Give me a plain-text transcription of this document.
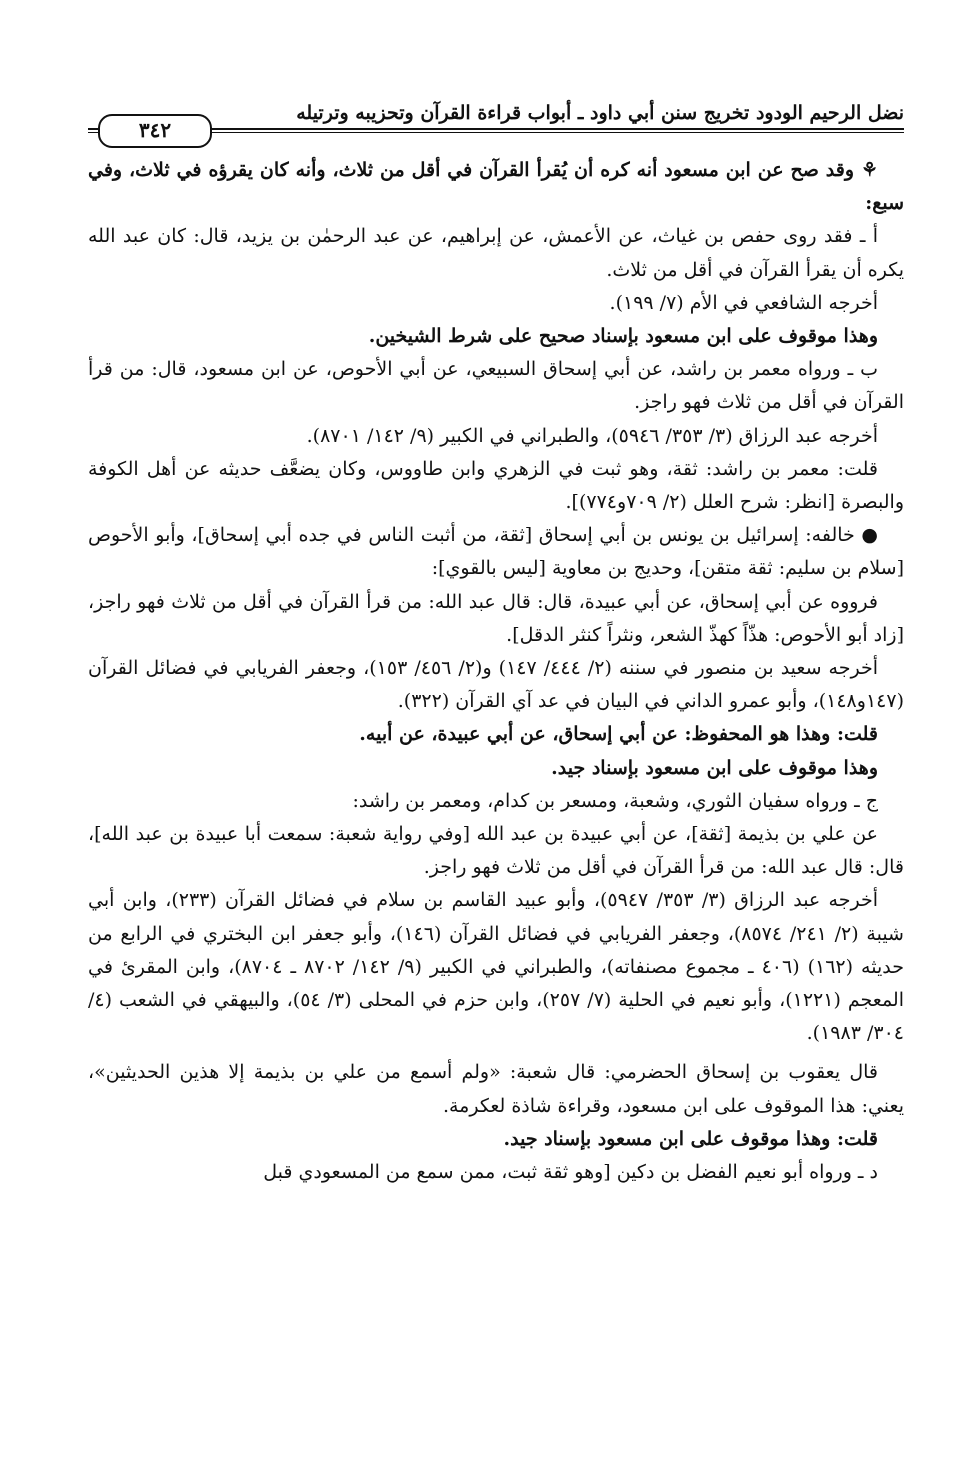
نضل الرحيم الودود تخريج سنن أبي داود ـ أبواب قراءة القرآن وتحزيبه وترتيله
٣٤٢

⚘ وقد صح عن ابن مسعود أنه كره أن يُقرأ القرآن في أقل من ثلاث، وأنه كان يقرؤه في ثلاث، وفي سبع:

أ ـ فقد روى حفص بن غياث، عن الأعمش، عن إبراهيم، عن عبد الرحمٰن بن يزيد، قال: كان عبد الله يكره أن يقرأ القرآن في أقل من ثلاث.

أخرجه الشافعي في الأم (٧/ ١٩٩).

وهذا موقوف على ابن مسعود بإسناد صحيح على شرط الشيخين.

ب ـ ورواه معمر بن راشد، عن أبي إسحاق السبيعي، عن أبي الأحوص، عن ابن مسعود، قال: من قرأ القرآن في أقل من ثلاث فهو راجز.

أخرجه عبد الرزاق (٣/ ٣٥٣/ ٥٩٤٦)، والطبراني في الكبير (٩/ ١٤٢/ ٨٧٠١).

قلت: معمر بن راشد: ثقة، وهو ثبت في الزهري وابن طاووس، وكان يضعَّف حديثه عن أهل الكوفة والبصرة [انظر: شرح العلل (٢/ ٧٠٩و٧٧٤)].

● خالفه: إسرائيل بن يونس بن أبي إسحاق [ثقة، من أثبت الناس في جده أبي إسحاق]، وأبو الأحوص [سلام بن سليم: ثقة متقن]، وحديج بن معاوية [ليس بالقوي]:

فرووه عن أبي إسحاق، عن أبي عبيدة، قال: قال عبد الله: من قرأ القرآن في أقل من ثلاث فهو راجز، [زاد أبو الأحوص: هذّاً كهذّ الشعر، ونثراً كنثر الدقل].

أخرجه سعيد بن منصور في سننه (٢/ ٤٤٤/ ١٤٧) و(٢/ ٤٥٦/ ١٥٣)، وجعفر الفريابي في فضائل القرآن (١٤٧و١٤٨)، وأبو عمرو الداني في البيان في عد آي القرآن (٣٢٢).

قلت: وهذا هو المحفوظ: عن أبي إسحاق، عن أبي عبيدة، عن أبيه.

وهذا موقوف على ابن مسعود بإسناد جيد.

ج ـ ورواه سفيان الثوري، وشعبة، ومسعر بن كدام، ومعمر بن راشد:

عن علي بن بذيمة [ثقة]، عن أبي عبيدة بن عبد الله [وفي رواية شعبة: سمعت أبا عبيدة بن عبد الله]، قال: قال عبد الله: من قرأ القرآن في أقل من ثلاث فهو راجز.

أخرجه عبد الرزاق (٣/ ٣٥٣/ ٥٩٤٧)، وأبو عبيد القاسم بن سلام في فضائل القرآن (٢٣٣)، وابن أبي شيبة (٢/ ٢٤١/ ٨٥٧٤)، وجعفر الفريابي في فضائل القرآن (١٤٦)، وأبو جعفر ابن البختري في الرابع من حديثه (١٦٢) (٤٠٦ ـ مجموع مصنفاته)، والطبراني في الكبير (٩/ ١٤٢/ ٨٧٠٢ ـ ٨٧٠٤)، وابن المقرئ في المعجم (١٢٢١)، وأبو نعيم في الحلية (٧/ ٢٥٧)، وابن حزم في المحلى (٣/ ٥٤)، والبيهقي في الشعب (٤/ ٣٠٤/ ١٩٨٣).

قال يعقوب بن إسحاق الحضرمي: قال شعبة: «ولم أسمع من علي بن بذيمة إلا هذين الحديثين»، يعني: هذا الموقوف على ابن مسعود، وقراءة شاذة لعكرمة.

قلت: وهذا موقوف على ابن مسعود بإسناد جيد.

د ـ ورواه أبو نعيم الفضل بن دكين [وهو ثقة ثبت، ممن سمع من المسعودي قبل
